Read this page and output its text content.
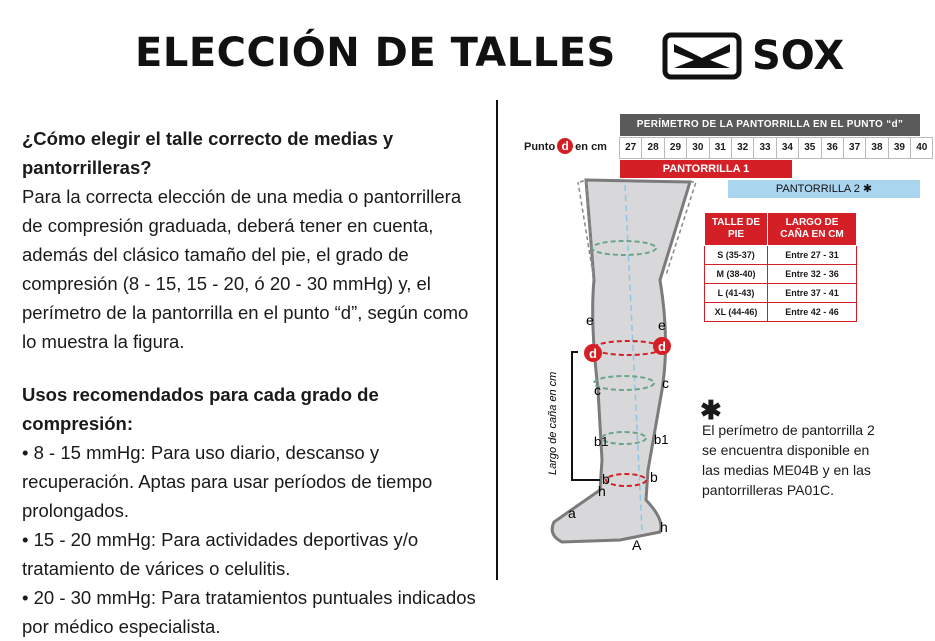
ELECCIÓN DE TALLES	SOX

¿Cómo elegir el talle correcto de medias y pantorrilleras?

Para la correcta elección de una media o pantorrillera de compresión graduada, deberá tener en cuenta, además del clásico tamaño del pie, el grado de compresión (8 - 15, 15 - 20, ó 20 - 30 mmHg) y, el perímetro de la pantorrilla en el punto “d”, según como lo muestra la figura.

Usos recomendados para cada grado de compresión:

• 8 - 15 mmHg: Para uso diario, descanso y recuperación. Aptas para usar períodos de tiempo prolongados.

• 15 - 20 mmHg: Para actividades deportivas y/o tratamiento de várices o celulitis.

• 20 - 30 mmHg: Para tratamientos puntuales indicados por médico especialista.

PERÍMETRO DE LA PANTORRILLA EN EL PUNTO “d”
Punto d en cm	27	28	29	30	31	32	33	34	35	36	37	38	39	40
PANTORRILLA 1
PANTORRILLA 2 ✱
TALLE DE PIE	LARGO DE CAÑA EN CM
S (35-37)	Entre 27 - 31
M (38-40)	Entre 32 - 36
L (41-43)	Entre 37 - 41
XL (44-46)	Entre 42 - 46
d	d
e	e
c	c
b1	b1
b	b
h
h
a
A
Largo de caña en cm	✱
El perímetro de pantorrilla 2 se encuentra disponible en las medias ME04B y en las pantorrilleras PA01C.
